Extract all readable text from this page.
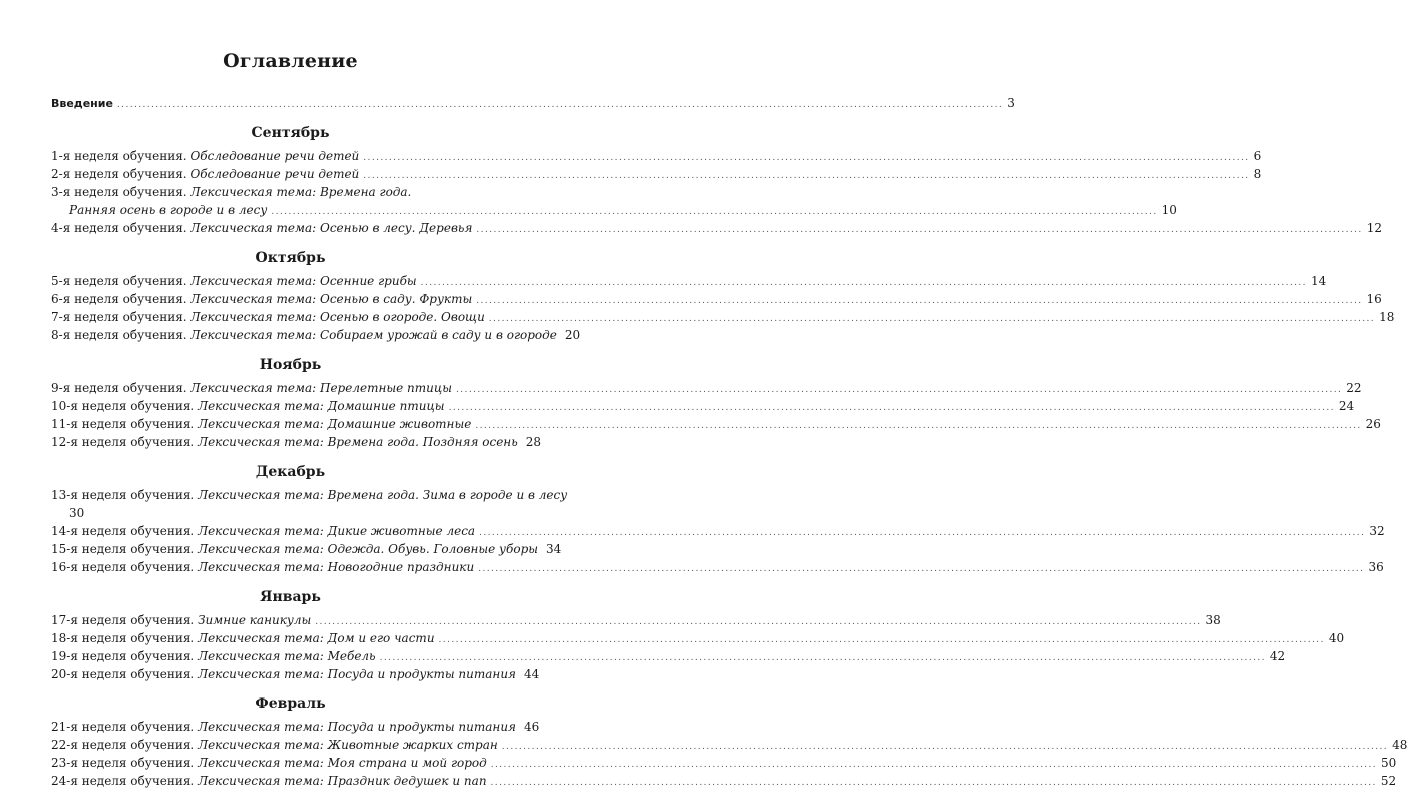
Оглавление
Введение .....	3
Сентябрь
1-я неделя обучения. Обследование речи детей .....	6
2-я неделя обучения. Обследование речи детей .....	8
3-я неделя обучения. Лексическая тема: Времена года.
Ранняя осень в городе и в лесу .....	10
4-я неделя обучения. Лексическая тема: Осенью в лесу. Деревья .....	12
Октябрь
5-я неделя обучения. Лексическая тема: Осенние грибы .....	14
6-я неделя обучения. Лексическая тема: Осенью в саду. Фрукты .....	16
7-я неделя обучения. Лексическая тема: Осенью в огороде. Овощи .....	18
8-я неделя обучения. Лексическая тема: Собираем урожай в саду и в огороде 20
Ноябрь
9-я неделя обучения. Лексическая тема: Перелетные птицы .....	22
10-я неделя обучения. Лексическая тема: Домашние птицы .....	24
11-я неделя обучения. Лексическая тема: Домашние животные .....	26
12-я неделя обучения. Лексическая тема: Времена года. Поздняя осень 28
Декабрь
13-я неделя обучения. Лексическая тема: Времена года. Зима в городе и в лесу
30
14-я неделя обучения. Лексическая тема: Дикие животные леса .....	32
15-я неделя обучения. Лексическая тема: Одежда. Обувь. Головные уборы 34
16-я неделя обучения. Лексическая тема: Новогодние праздники .....	36
Январь
17-я неделя обучения. Зимние каникулы .....	38
18-я неделя обучения. Лексическая тема: Дом и его части .....	40
19-я неделя обучения. Лексическая тема: Мебель .....	42
20-я неделя обучения. Лексическая тема: Посуда и продукты питания 44
Февраль
21-я неделя обучения. Лексическая тема: Посуда и продукты питания 46
22-я неделя обучения. Лексическая тема: Животные жарких стран .....	48
23-я неделя обучения. Лексическая тема: Моя страна и мой город .....	50
24-я неделя обучения. Лексическая тема: Праздник дедушек и пап .....	52
